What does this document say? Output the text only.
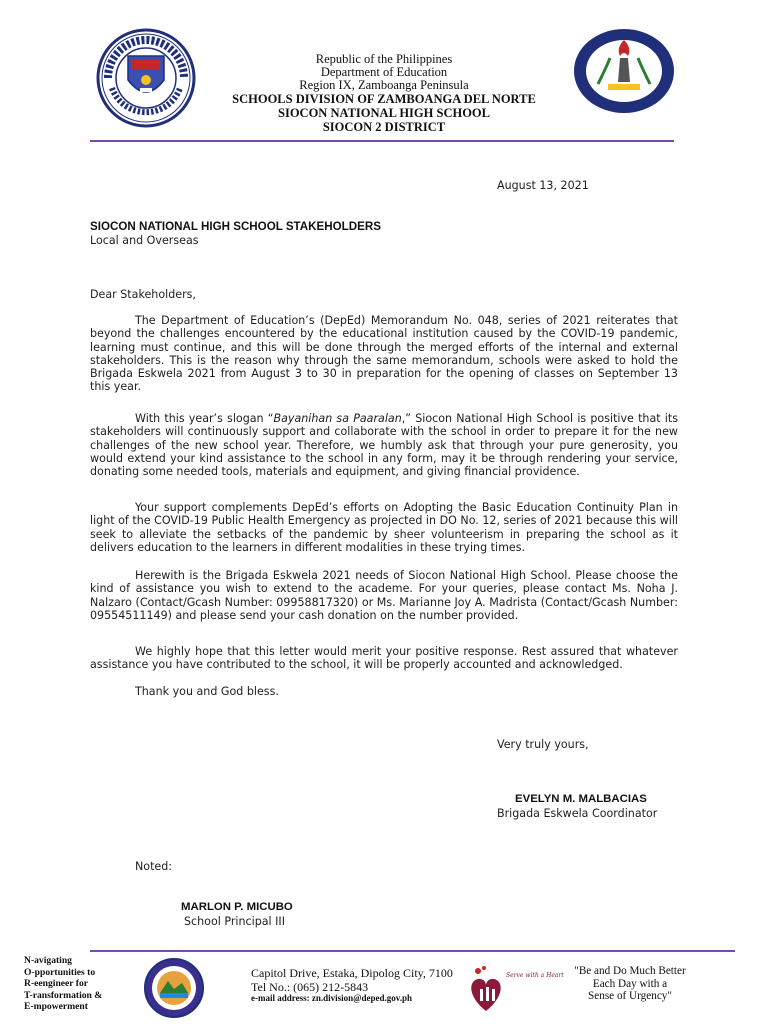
Republic of the Philippines
Department of Education
Region IX, Zamboanga Peninsula
SCHOOLS DIVISION OF ZAMBOANGA DEL NORTE
SIOCON NATIONAL HIGH SCHOOL
SIOCON 2 DISTRICT
August 13, 2021
SIOCON NATIONAL HIGH SCHOOL STAKEHOLDERS
Local and Overseas
Dear Stakeholders,
The Department of Education’s (DepEd) Memorandum No. 048, series of 2021 reiterates that beyond the challenges encountered by the educational institution caused by the COVID-19 pandemic, learning must continue, and this will be done through the merged efforts of the internal and external stakeholders. This is the reason why through the same memorandum, schools were asked to hold the Brigada Eskwela 2021 from August 3 to 30 in preparation for the opening of classes on September 13 this year.
With this year’s slogan “Bayanihan sa Paaralan,” Siocon National High School is positive that its stakeholders will continuously support and collaborate with the school in order to prepare it for the new challenges of the new school year. Therefore, we humbly ask that through your pure generosity, you would extend your kind assistance to the school in any form, may it be through rendering your service, donating some needed tools, materials and equipment, and giving financial providence.
Your support complements DepEd’s efforts on Adopting the Basic Education Continuity Plan in light of the COVID-19 Public Health Emergency as projected in DO No. 12, series of 2021 because this will seek to alleviate the setbacks of the pandemic by sheer volunteerism in preparing the school as it delivers education to the learners in different modalities in these trying times.
Herewith is the Brigada Eskwela 2021 needs of Siocon National High School. Please choose the kind of assistance you wish to extend to the academe. For your queries, please contact Ms. Noha J. Nalzaro (Contact/Gcash Number: 09958817320) or Ms. Marianne Joy A. Madrista (Contact/Gcash Number: 09554511149) and please send your cash donation on the number provided.
We highly hope that this letter would merit your positive response. Rest assured that whatever assistance you have contributed to the school, it will be properly accounted and acknowledged.
Thank you and God bless.
Very truly yours,
EVELYN M. MALBACIAS
Brigada Eskwela Coordinator
Noted:
MARLON P. MICUBO
School Principal III
N-avigating
O-pportunities to
R-eengineer for
T-ransformation &
E-mpowerment
Capitol Drive, Estaka, Dipolog City, 7100
Tel No.: (065) 212-5843
e-mail address: zn.division@deped.gov.ph
Serve with a Heart "Be and Do Much Better
Each Day with a
Sense of Urgency"
